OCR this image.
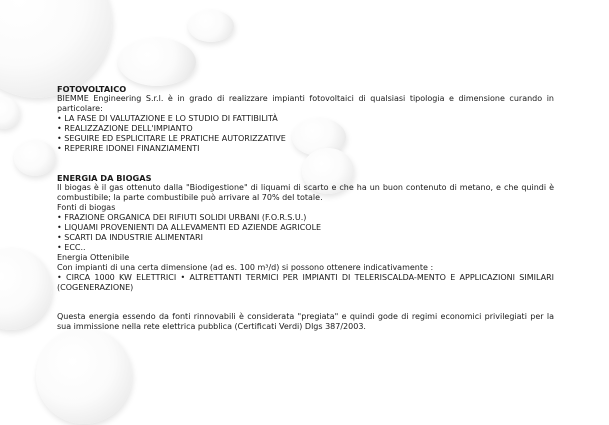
FOTOVOLTAICO
BIEMME Engineering S.r.l. è in grado di realizzare impianti fotovoltaici di qualsiasi tipologia e dimensione curando in particolare:
• LA FASE DI VALUTAZIONE E LO STUDIO DI FATTIBILITÀ
• REALIZZAZIONE DELL'IMPIANTO
• SEGUIRE ED ESPLICITARE LE PRATICHE AUTORIZZATIVE
• REPERIRE IDONEI FINANZIAMENTI
ENERGIA DA BIOGAS
Il biogas è il gas ottenuto dalla "Biodigestione" di liquami di scarto e che ha un buon contenuto di metano, e che quindi è combustibile; la parte combustibile può arrivare al 70% del totale.
Fonti di biogas
• FRAZIONE ORGANICA DEI RIFIUTI SOLIDI URBANI (F.O.R.S.U.)
• LIQUAMI PROVENIENTI DA ALLEVAMENTI ED AZIENDE AGRICOLE
• SCARTI DA INDUSTRIE ALIMENTARI
• ECC..
Energia Ottenibile
Con impianti di una certa dimensione (ad es. 100 m³/d) si possono ottenere indicativamente :
• CIRCA 1000 KW ELETTRICI • ALTRETTANTI TERMICI PER IMPIANTI DI TELERISCALDA-MENTO E APPLICAZIONI SIMILARI (COGENERAZIONE)
Questa energia essendo da fonti rinnovabili è considerata "pregiata" e quindi gode di regimi economici privilegiati per la sua immissione nella rete elettrica pubblica (Certificati Verdi) Dlgs 387/2003.
